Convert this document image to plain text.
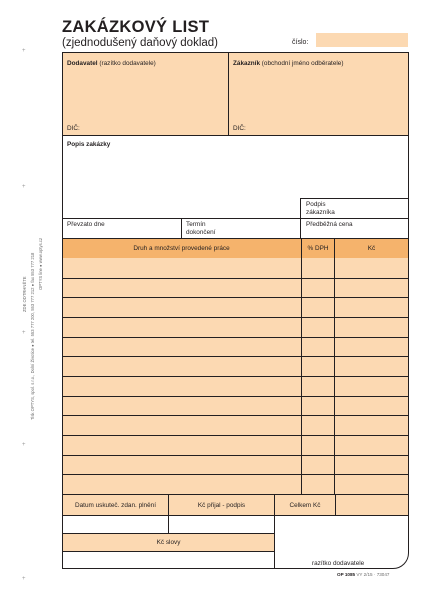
ZAKÁZKOVÝ LIST
(zjednodušený daňový doklad)	číslo:
+
+
+
+
+
ZDE ODTRHNĚTE Tisk OPTYS, spol. s r.o., Dolní Životice ● tel. 553 777 200, 553 777 212 ● fax 553 777 218 OPTYS line ● www.optys.cz
Dodavatel (razítko dodavatele)
DIČ:
Zákazník (obchodní jméno odběratele)
DIČ:
Popis zakázky
Podpis zákazníka
Převzato dne	Termín dokončení
Předběžná cena
Druh a množství provedené práce	% DPH	Kč
Datum uskuteč. zdan. plnění	Kč přijal - podpis	Celkem Kč
Kč slovy
razítko dodavatele
OP 1085 VY 2/15 · 73047
